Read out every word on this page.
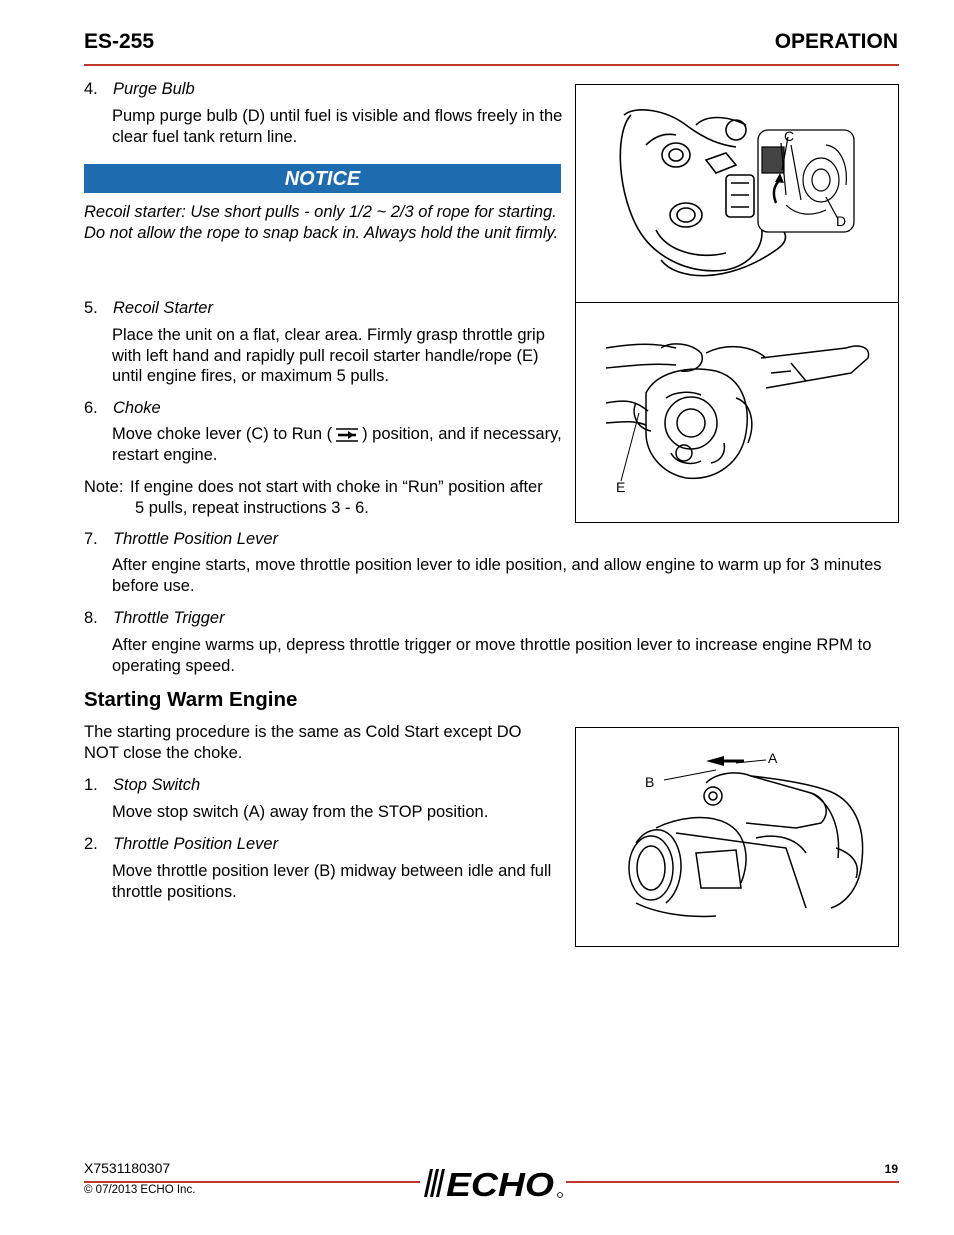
ES-255	OPERATION
4. Purge Bulb
Pump purge bulb (D) until fuel is visible and flows freely in the clear fuel tank return line.
NOTICE
Recoil starter: Use short pulls - only 1/2 ~ 2/3 of rope for starting. Do not allow the rope to snap back in. Always hold the unit firmly.
5. Recoil Starter
Place the unit on a flat, clear area. Firmly grasp throttle grip with left hand and rapidly pull recoil starter handle/rope (E) until engine fires, or maximum 5 pulls.
6. Choke
Move choke lever (C) to Run ( ) position, and if necessary, restart engine.
Note: If engine does not start with choke in “Run” position after
5 pulls, repeat instructions 3 - 6.
7. Throttle Position Lever
After engine starts, move throttle position lever to idle position, and allow engine to warm up for 3 minutes before use.
8. Throttle Trigger
After engine warms up, depress throttle trigger or move throttle position lever to increase engine RPM to operating speed.
Starting Warm Engine
The starting procedure is the same as Cold Start except DO NOT close the choke.
1. Stop Switch
Move stop switch (A) away from the STOP position.
2. Throttle Position Lever
Move throttle position lever (B) midway between idle and full throttle positions.
C
D
E
A
B
X7531180307
© 07/2013 ECHO Inc.
19
ECHO
